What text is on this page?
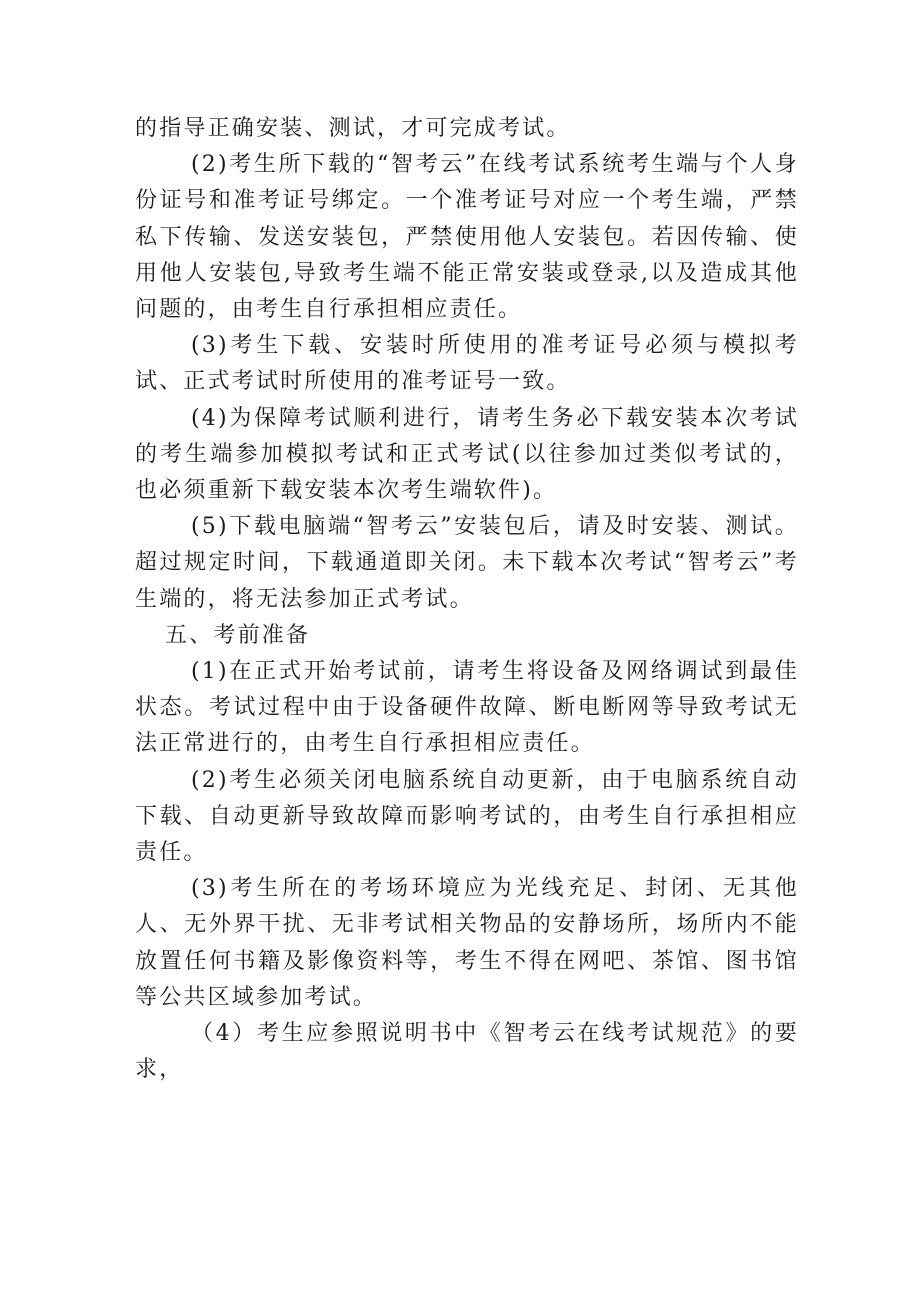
的指导正确安装、测试，才可完成考试。

(2)考生所下载的“智考云”在线考试系统考生端与个人身份证号和准考证号绑定。一个准考证号对应一个考生端，严禁私下传输、发送安装包，严禁使用他人安装包。若因传输、使用他人安装包,导致考生端不能正常安装或登录,以及造成其他问题的，由考生自行承担相应责任。

(3)考生下载、安装时所使用的准考证号必须与模拟考试、正式考试时所使用的准考证号一致。

(4)为保障考试顺利进行，请考生务必下载安装本次考试的考生端参加模拟考试和正式考试(以往参加过类似考试的，也必须重新下载安装本次考生端软件)。

(5)下载电脑端“智考云”安装包后，请及时安装、测试。超过规定时间，下载通道即关闭。未下载本次考试“智考云”考生端的，将无法参加正式考试。

五、考前准备

(1)在正式开始考试前，请考生将设备及网络调试到最佳状态。考试过程中由于设备硬件故障、断电断网等导致考试无法正常进行的，由考生自行承担相应责任。

(2)考生必须关闭电脑系统自动更新，由于电脑系统自动下载、自动更新导致故障而影响考试的，由考生自行承担相应责任。

(3)考生所在的考场环境应为光线充足、封闭、无其他人、无外界干扰、无非考试相关物品的安静场所，场所内不能放置任何书籍及影像资料等，考生不得在网吧、茶馆、图书馆等公共区域参加考试。

（4）考生应参照说明书中《智考云在线考试规范》的要求，
